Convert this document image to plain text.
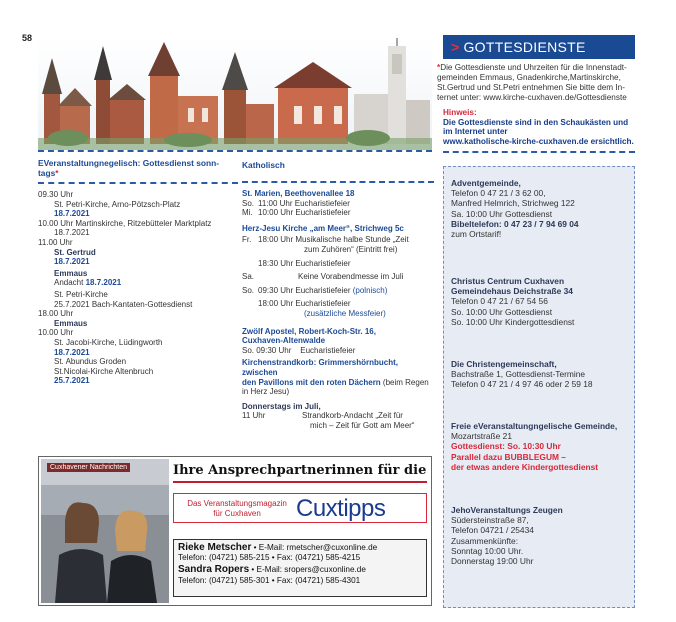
58
> GOTTESDIENSTE
*Die Gottesdienste und Uhrzeiten für die Innenstadt-
gemeinden Emmaus, Gnadenkirche,Martinskirche,
St.Gertrud und St.Petri entnehmen Sie bitte dem In-
ternet unter: www.kirche-cuxhaven.de/Gottesdienste
Hinweis:
Die Gottesdienste sind in den Schaukästen und
im Internet unter
www.katholische-kirche-cuxhaven.de ersichtlich.
EVeranstaltungnegelisch: Gottesdienst sonn-
tags*
09.30 Uhr
St. Petri-Kirche, Arno-Pötzsch-Platz
18.7.2021
10.00 Uhr Martinskirche, Ritzebütteler Marktplatz
18.7.2021
11.00 Uhr
St. Gertrud
18.7.2021
Emmaus
Andacht 18.7.2021
St. Petri-Kirche
25.7.2021 Bach-Kantaten-Gottesdienst
18.00 Uhr
Emmaus
10.00 Uhr
St. Jacobi-Kirche, Lüdingworth
18.7.2021
St. Abundus Groden
St.Nicolai-Kirche Altenbruch
25.7.2021
Katholisch
St. Marien, Beethovenallee 18
So. 11:00 Uhr Eucharistiefeier
Mi. 10:00 Uhr Eucharistiefeier
Herz-Jesu Kirche „am Meer“, Strichweg 5c
Fr. 18:00 Uhr Musikalische halbe Stunde „Zeit
zum Zuhören“ (Eintritt frei)
18:30 Uhr Eucharistiefeier
Sa.	Keine Vorabendmesse im Juli
So. 09:30 Uhr Eucharistiefeier
(polnisch)
18:00 Uhr Eucharistiefeier
(zusätzliche Messfeier)
Zwölf Apostel, Robert-Koch-Str. 16,
Cuxhaven-Altenwalde
So. 09:30 Uhr    Eucharistiefeier
Kirchenstrandkorb: Grimmershörnbucht, zwischen
den Pavillons mit den roten Dächern (beim Regen
in Herz Jesu)
Donnerstags im Juli,
11 Uhr	Strandkorb-Andacht „Zeit für
mich – Zeit für Gott am Meer“
Adventgemeinde,
Telefon 0 47 21 / 3 62 00,
Manfred Helmrich, Strichweg 122
Sa. 10:00 Uhr Gottesdienst
Bibeltelefon: 0 47 23 / 7 94 69 04
zum Ortstarif!
Christus Centrum Cuxhaven
Gemeindehaus Deichstraße 34
Telefon 0 47 21 / 67 54 56
So. 10:00 Uhr Gottesdienst
So. 10:00 Uhr Kindergottesdienst
Die Christengemeinschaft,
Bachstraße 1, Gottesdienst-Termine
Telefon 0 47 21 / 4 97 46 oder 2 59 18
Freie eVeranstaltungngelische Gemeinde,
Mozartstraße 21
Gottesdienst: So. 10:30 Uhr
Parallel dazu BUBBLEGUM –
der etwas andere Kindergottesdienst
JehoVeranstaltungs Zeugen
Südersteinstraße 87,
Telefon 04721 / 25434
Zusammenkünfte:
Sonntag 10:00 Uhr.
Donnerstag 19:00 Uhr
Cuxhavener Nachrichten	Ihre Ansprechpartnerinnen für die
Das Veranstaltungsmagazin
für Cuxhaven	Cuxtipps
Rieke Metscher • E-Mail: rmetscher@cuxonline.de
Telefon: (04721) 585-215 • Fax: (04721) 585-4215
Sandra Ropers • E-Mail: sropers@cuxonline.de
Telefon: (04721) 585-301 • Fax: (04721) 585-4301
